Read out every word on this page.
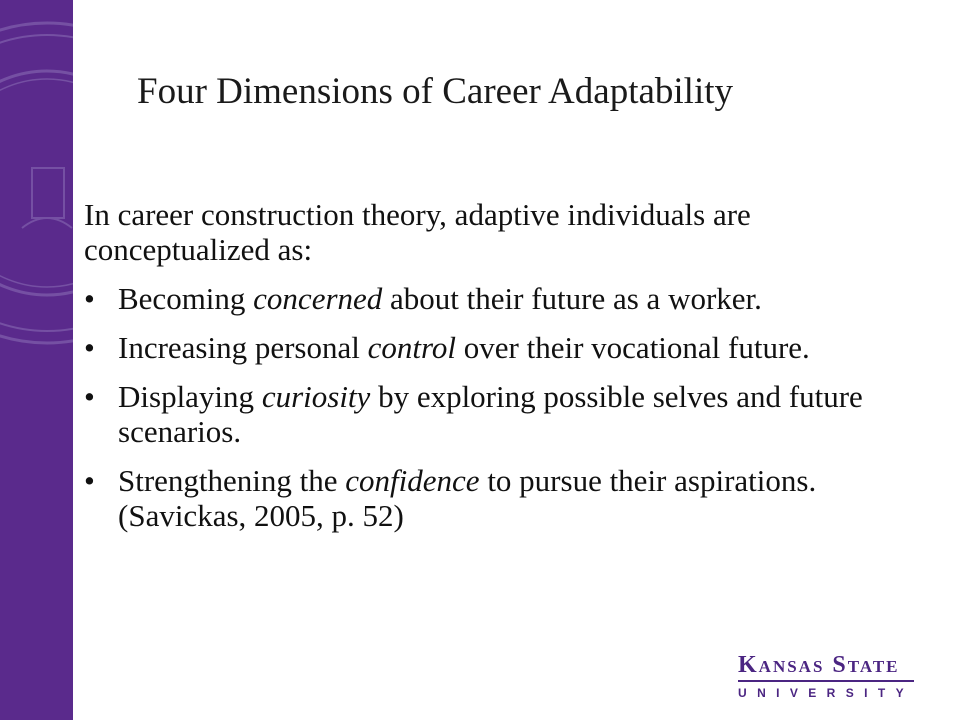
Four Dimensions of Career Adaptability

In career construction theory, adaptive individuals are conceptualized as:

• Becoming concerned about their future as a worker.
• Increasing personal control over their vocational future.
• Displaying curiosity by exploring possible selves and future scenarios.
• Strengthening the confidence to pursue their aspirations. (Savickas, 2005, p. 52)
Kansas State
UNIVERSITY
